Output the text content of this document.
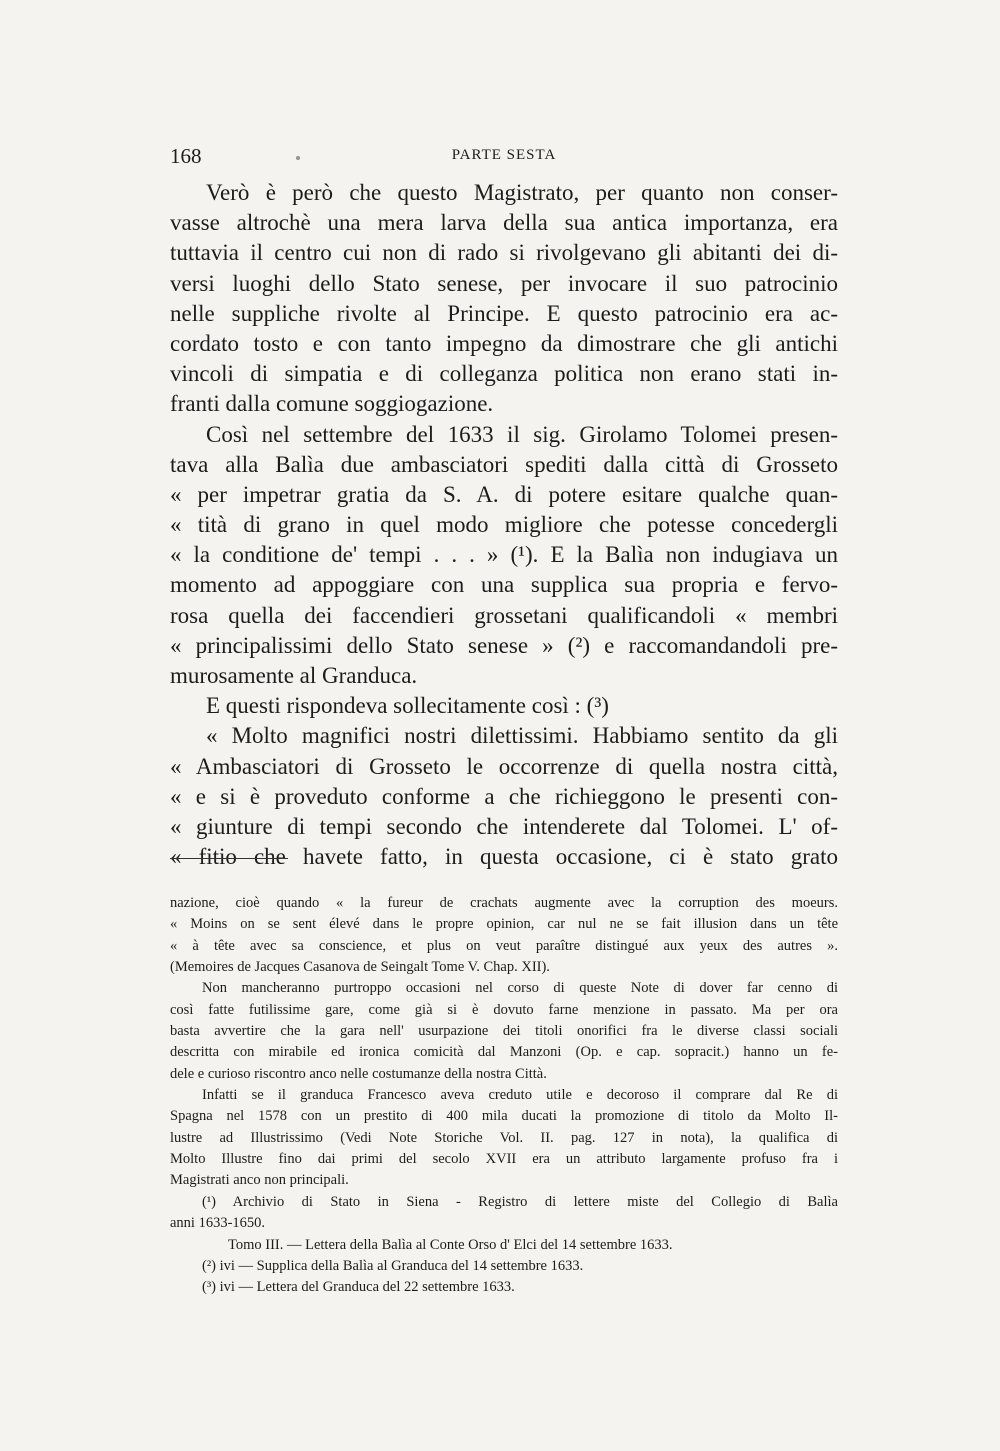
168	PARTE SESTA
Verò è però che questo Magistrato, per quanto non conser-
vasse altrochè una mera larva della sua antica importanza, era
tuttavia il centro cui non di rado si rivolgevano gli abitanti dei di-
versi luoghi dello Stato senese, per invocare il suo patrocinio
nelle suppliche rivolte al Principe. E questo patrocinio era ac-
cordato tosto e con tanto impegno da dimostrare che gli antichi
vincoli di simpatia e di colleganza politica non erano stati in-
franti dalla comune soggiogazione.
Così nel settembre del 1633 il sig. Girolamo Tolomei presen-
tava alla Balìa due ambasciatori spediti dalla città di Grosseto
« per impetrar gratia da S. A. di potere esitare qualche quan-
« tità di grano in quel modo migliore che potesse concedergli
« la conditione de' tempi . . . » (¹). E la Balìa non indugiava un
momento ad appoggiare con una supplica sua propria e fervo-
rosa quella dei faccendieri grossetani qualificandoli « membri
« principalissimi dello Stato senese » (²) e raccomandandoli pre-
murosamente al Granduca.
E questi rispondeva sollecitamente così : (³)
« Molto magnifici nostri dilettissimi. Habbiamo sentito da gli
« Ambasciatori di Grosseto le occorrenze di quella nostra città,
« e si è proveduto conforme a che richieggono le presenti con-
« giunture di tempi secondo che intenderete dal Tolomei. L' of-
« fitio che havete fatto, in questa occasione, ci è stato grato
nazione, cioè quando « la fureur de crachats augmente avec la corruption des moeurs.
« Moins on se sent élevé dans le propre opinion, car nul ne se fait illusion dans un tête
« à tête avec sa conscience, et plus on veut paraître distingué aux yeux des autres ».
(Memoires de Jacques Casanova de Seingalt Tome V. Chap. XII).
Non mancheranno purtroppo occasioni nel corso di queste Note di dover far cenno di
così fatte futilissime gare, come già si è dovuto farne menzione in passato. Ma per ora
basta avvertire che la gara nell' usurpazione dei titoli onorifici fra le diverse classi sociali
descritta con mirabile ed ironica comicità dal Manzoni (Op. e cap. sopracit.) hanno un fe-
dele e curioso riscontro anco nelle costumanze della nostra Città.
Infatti se il granduca Francesco aveva creduto utile e decoroso il comprare dal Re di
Spagna nel 1578 con un prestito di 400 mila ducati la promozione di titolo da Molto Il-
lustre ad Illustrissimo (Vedi Note Storiche Vol. II. pag. 127 in nota), la qualifica di
Molto Illustre fino dai primi del secolo XVII era un attributo largamente profuso fra i
Magistrati anco non principali.
(¹) Archivio di Stato in Siena - Registro di lettere miste del Collegio di Balìa
anni 1633-1650.
Tomo III. — Lettera della Balìa al Conte Orso d' Elci del 14 settembre 1633.
(²) ivi — Supplica della Balìa al Granduca del 14 settembre 1633.
(³) ivi — Lettera del Granduca del 22 settembre 1633.
